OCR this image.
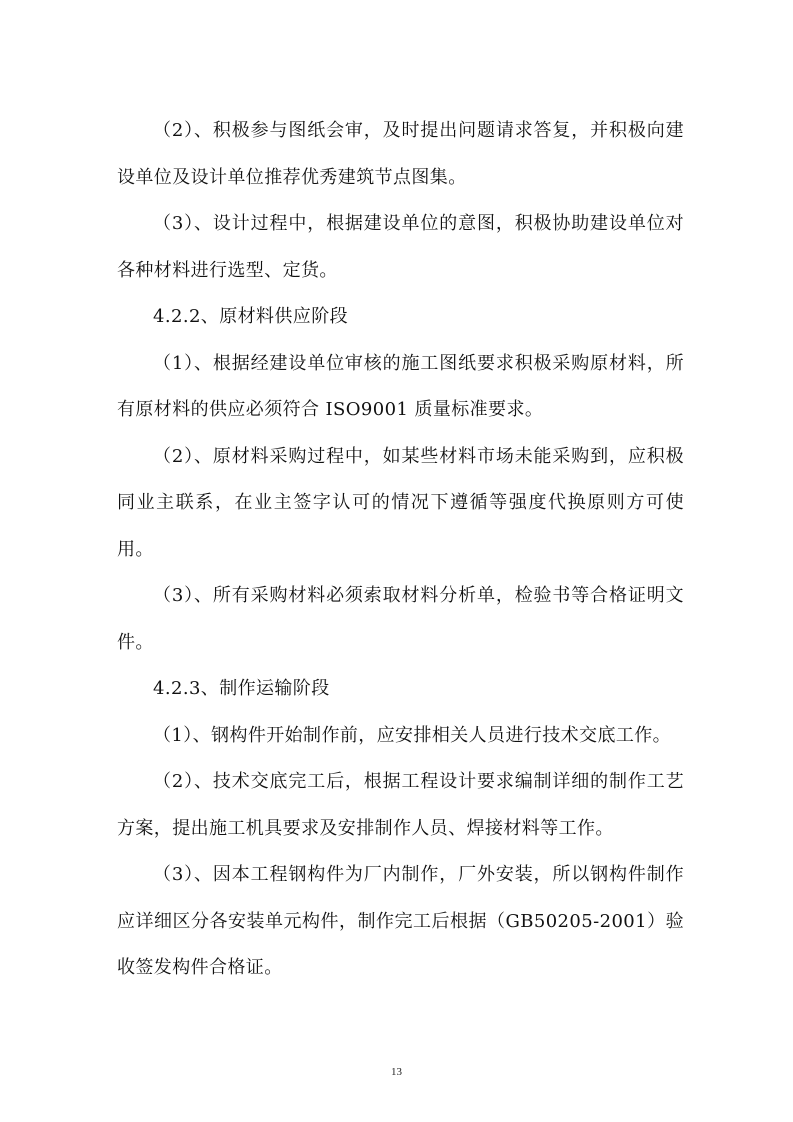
（2）、积极参与图纸会审，及时提出问题请求答复，并积极向建设单位及设计单位推荐优秀建筑节点图集。

（3）、设计过程中，根据建设单位的意图，积极协助建设单位对各种材料进行选型、定货。

4.2.2、原材料供应阶段

（1）、根据经建设单位审核的施工图纸要求积极采购原材料，所有原材料的供应必须符合 ISO9001 质量标准要求。

（2）、原材料采购过程中，如某些材料市场未能采购到，应积极同业主联系，在业主签字认可的情况下遵循等强度代换原则方可使用。

（3）、所有采购材料必须索取材料分析单，检验书等合格证明文件。

4.2.3、制作运输阶段

（1）、钢构件开始制作前，应安排相关人员进行技术交底工作。

（2）、技术交底完工后，根据工程设计要求编制详细的制作工艺方案，提出施工机具要求及安排制作人员、焊接材料等工作。

（3）、因本工程钢构件为厂内制作，厂外安装，所以钢构件制作应详细区分各安装单元构件，制作完工后根据（GB50205-2001）验收签发构件合格证。

13
